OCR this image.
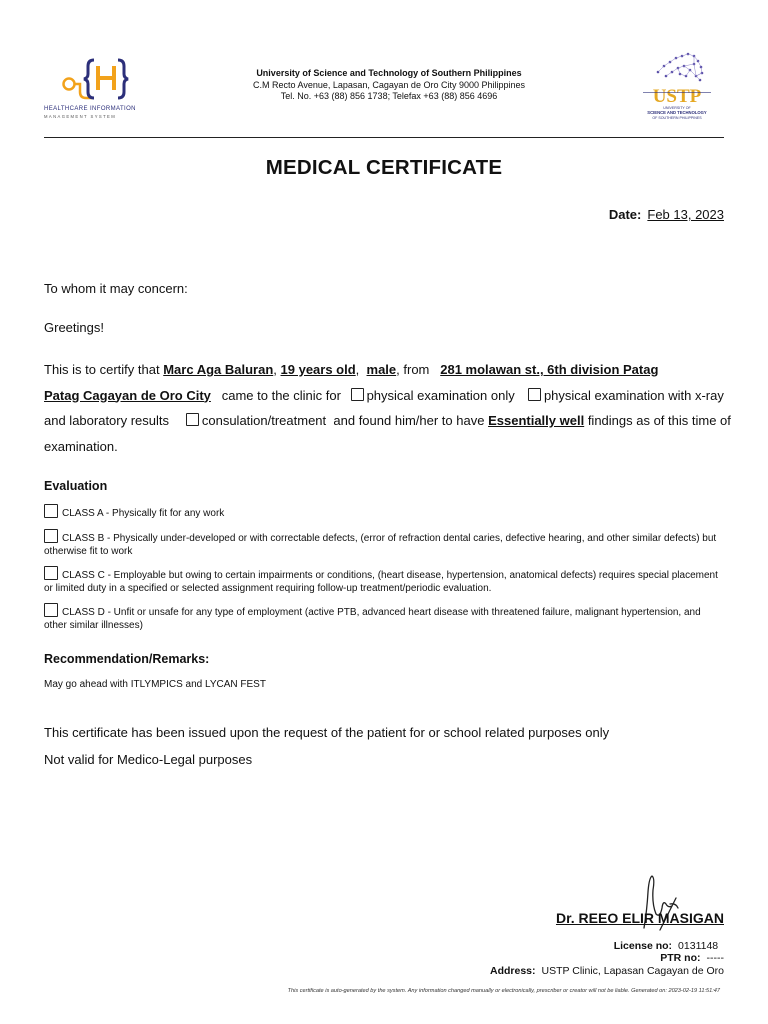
HEALTHCARE INFORMATION
MANAGEMENT SYSTEM
University of Science and Technology of Southern Philippines
C.M Recto Avenue, Lapasan, Cagayan de Oro City 9000 Philippines
Tel. No. +63 (88) 856 1738; Telefax +63 (88) 856 4696	USTP
UNIVERSITY OF
SCIENCE AND TECHNOLOGY
OF SOUTHERN PHILIPPINES
MEDICAL CERTIFICATE
Date: Feb 13, 2023
To whom it may concern:
Greetings!
This is to certify that Marc Aga Baluran, 19 years old,  male, from 281 molawan st., 6th division Patag
Patag Cagayan de Oro City came to the clinic for physical examination only physical examination with x-ray and laboratory results	consulation/treatment and found him/her to have Essentially well findings as of this time of examination.
Evaluation
CLASS A - Physically fit for any work
CLASS B - Physically under-developed or with correctable defects, (error of refraction dental caries, defective hearing, and other similar defects) but otherwise fit to work
CLASS C - Employable but owing to certain impairments or conditions, (heart disease, hypertension, anatomical defects) requires special placement or limited duty in a specified or selected assignment requiring follow-up treatment/periodic evaluation.
CLASS D - Unfit or unsafe for any type of employment (active PTB, advanced heart disease with threatened failure, malignant hypertension, and other similar illnesses)
Recommendation/Remarks:
May go ahead with ITLYMPICS and LYCAN FEST
This certificate has been issued upon the request of the patient for or school related purposes only
Not valid for Medico-Legal purposes
Dr. REEO ELIR MASIGAN
License no: 0131148
PTR no: -----
Address: USTP Clinic, Lapasan Cagayan de Oro
This certificate is auto-generated by the system. Any information changed manually or electronically, prescriber or creator will not be liable. Generated on: 2023-02-19 11:51:47
